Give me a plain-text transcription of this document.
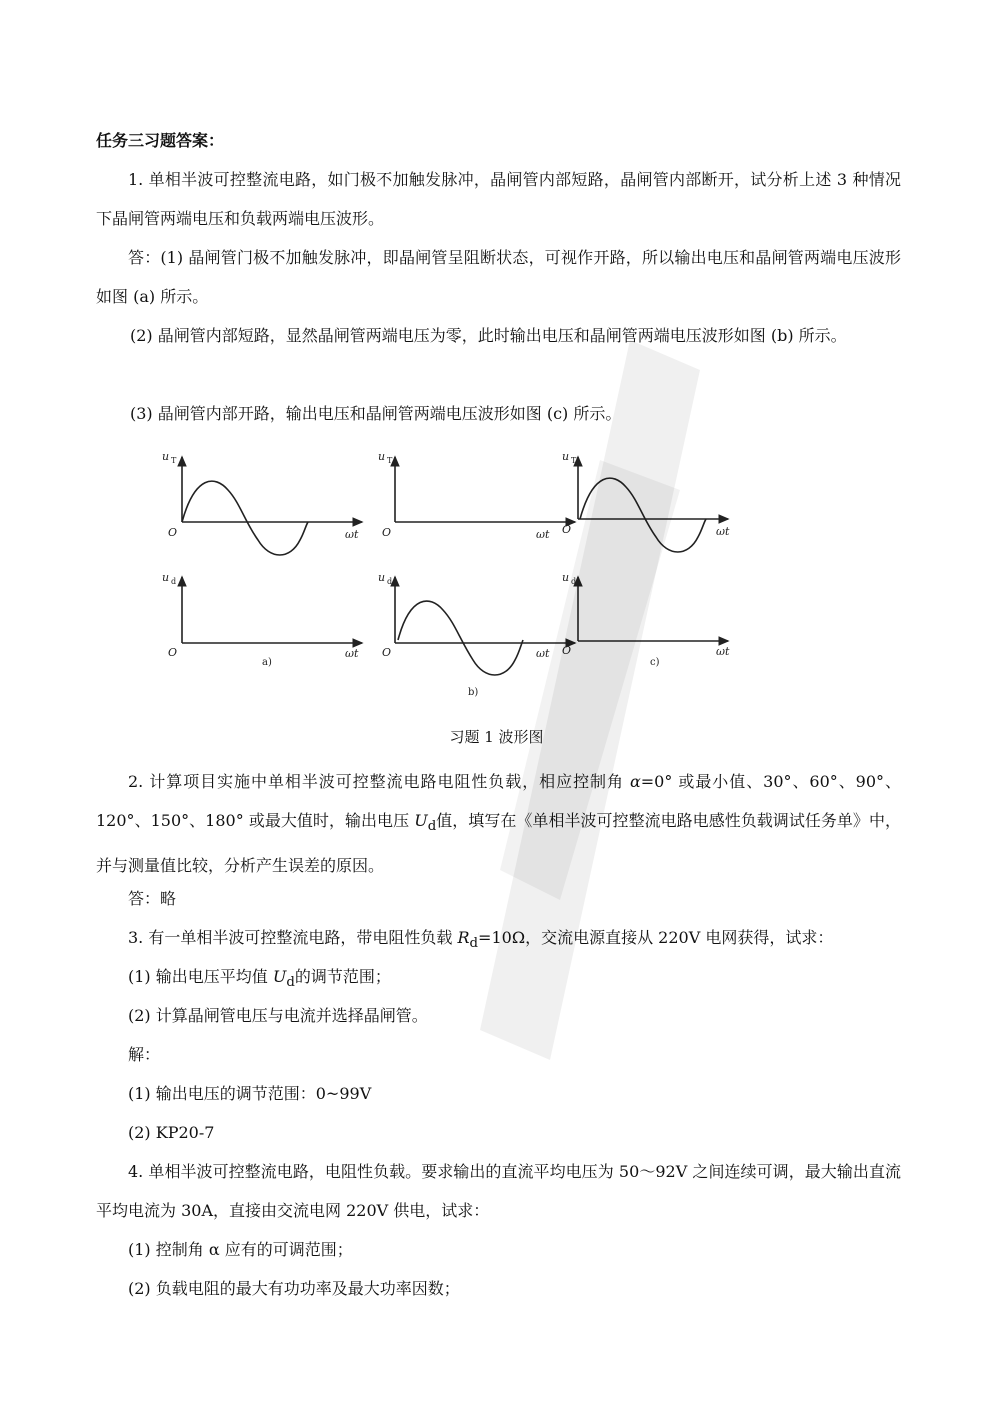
任务三习题答案：

1. 单相半波可控整流电路，如门极不加触发脉冲，晶闸管内部短路，晶闸管内部断开，试分析上述 3 种情况下晶闸管两端电压和负载两端电压波形。

答：(1) 晶闸管门极不加触发脉冲，即晶闸管呈阻断状态，可视作开路，所以输出电压和晶闸管两端电压波形如图 (a) 所示。

(2) 晶闸管内部短路，显然晶闸管两端电压为零，此时输出电压和晶闸管两端电压波形如图 (b) 所示。

(3) 晶闸管内部开路，输出电压和晶闸管两端电压波形如图 (c) 所示。

u T	u T	u T
u d	u d	u d
O	O	O
O	O	O
ωt	ωt	ωt
ωt	ωt	ωt
a)
b)
c)

习题 1 波形图

2. 计算项目实施中单相半波可控整流电路电阻性负载，相应控制角 α=0° 或最小值、30°、60°、90°、120°、150°、180° 或最大值时，输出电压 $U_d$值，填写在《单相半波可控整流电路电感性负载调试任务单》中，并与测量值比较，分析产生误差的原因。

答：略

3. 有一单相半波可控整流电路，带电阻性负载 $R_d=10\Omega$，交流电源直接从 220V 电网获得，试求：

(1) 输出电压平均值 $U_d$的调节范围；

(2) 计算晶闸管电压与电流并选择晶闸管。

解：

(1) 输出电压的调节范围：0~99V

(2) KP20-7

4. 单相半波可控整流电路，电阻性负载。要求输出的直流平均电压为 50～92V 之间连续可调，最大输出直流平均电流为 30A，直接由交流电网 220V 供电，试求：

(1) 控制角 α 应有的可调范围；

(2) 负载电阻的最大有功功率及最大功率因数；
